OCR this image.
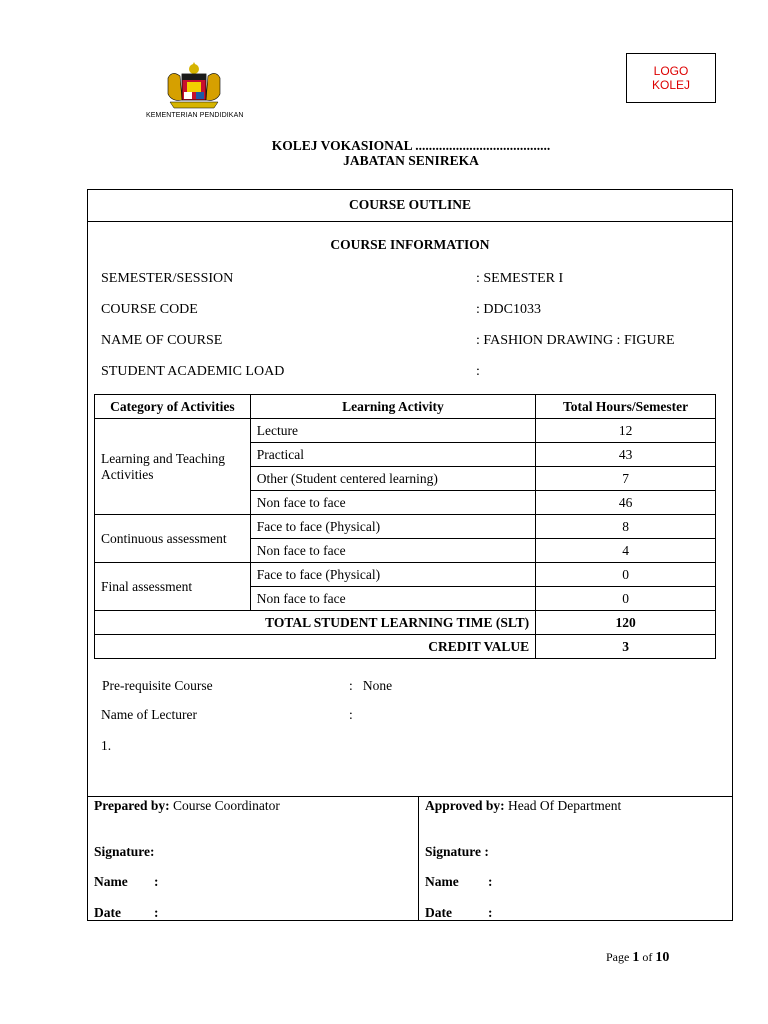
KEMENTERIAN PENDIDIKAN
LOGO
KOLEJ
KOLEJ VOKASIONAL ........................................
JABATAN SENIREKA
COURSE OUTLINE
COURSE INFORMATION
SEMESTER/SESSION	: SEMESTER I
COURSE CODE	: DDC1033
NAME OF COURSE	: FASHION DRAWING : FIGURE
STUDENT ACADEMIC LOAD	:
Category of Activities	Learning Activity	Total Hours/Semester
Learning and Teaching Activities	Lecture	12
	Practical	43
	Other (Student centered learning)	7
	Non face to face	46
Continuous assessment	Face to face (Physical)	8
	Non face to face	4
Final assessment	Face to face (Physical)	0
	Non face to face	0
TOTAL STUDENT LEARNING TIME (SLT)		120
CREDIT VALUE		3
Pre-requisite Course	:   None
Name of Lecturer	:
1.
Prepared by: Course Coordinator	Approved by: Head Of Department
Signature:	Signature :
Name :	Name :
Date :	Date	:
Page 1 of 10
